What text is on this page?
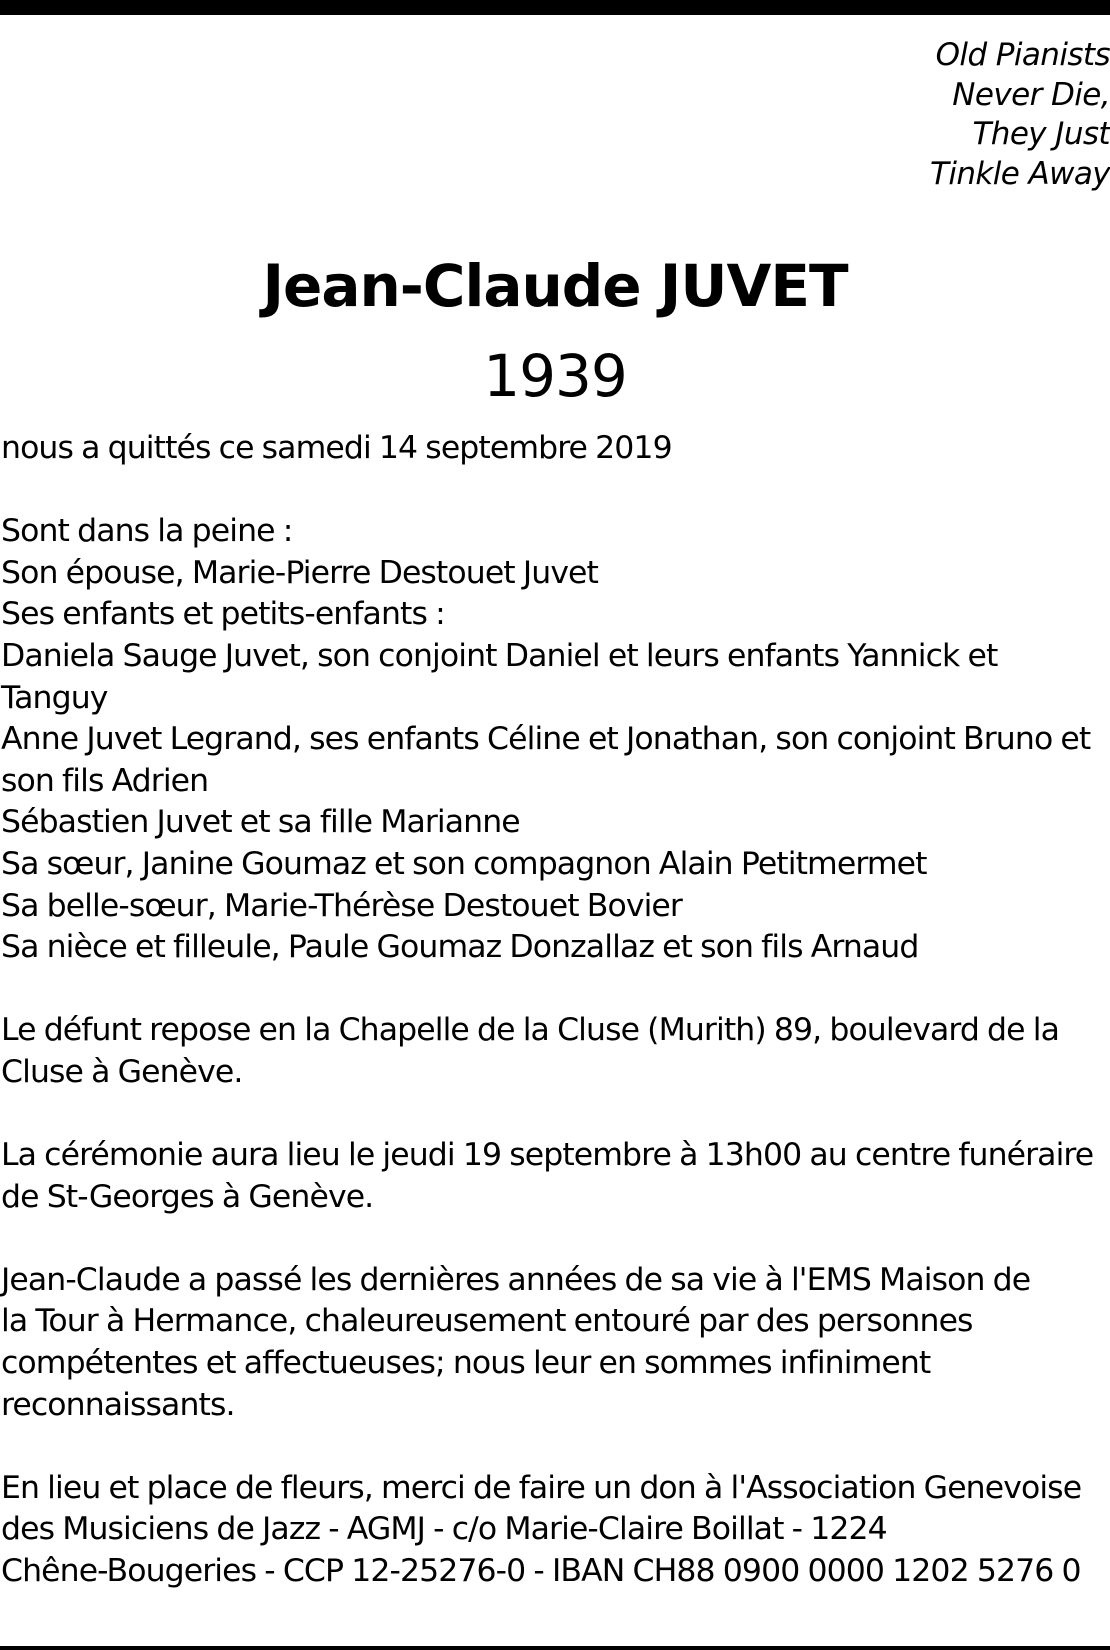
Old Pianists
Never Die,
They Just
Tinkle Away
Jean-Claude JUVET
1939
nous a quittés ce samedi 14 septembre 2019
Sont dans la peine :
Son épouse, Marie-Pierre Destouet Juvet
Ses enfants et petits-enfants :
Daniela Sauge Juvet, son conjoint Daniel et leurs enfants Yannick et
Tanguy
Anne Juvet Legrand, ses enfants Céline et Jonathan, son conjoint Bruno et
son fils Adrien
Sébastien Juvet et sa fille Marianne
Sa sœur, Janine Goumaz et son compagnon Alain Petitmermet
Sa belle-sœur, Marie-Thérèse Destouet Bovier
Sa nièce et filleule, Paule Goumaz Donzallaz et son fils Arnaud
Le défunt repose en la Chapelle de la Cluse (Murith) 89, boulevard de la
Cluse à Genève.
La cérémonie aura lieu le jeudi 19 septembre à 13h00 au centre funéraire
de St-Georges à Genève.
Jean-Claude a passé les dernières années de sa vie à l'EMS Maison de
la Tour à Hermance, chaleureusement entouré par des personnes
compétentes et affectueuses; nous leur en sommes infiniment
reconnaissants.
En lieu et place de fleurs, merci de faire un don à l'Association Genevoise
des Musiciens de Jazz - AGMJ - c/o Marie-Claire Boillat - 1224
Chêne-Bougeries - CCP 12-25276-0 - IBAN CH88 0900 0000 1202 5276 0
